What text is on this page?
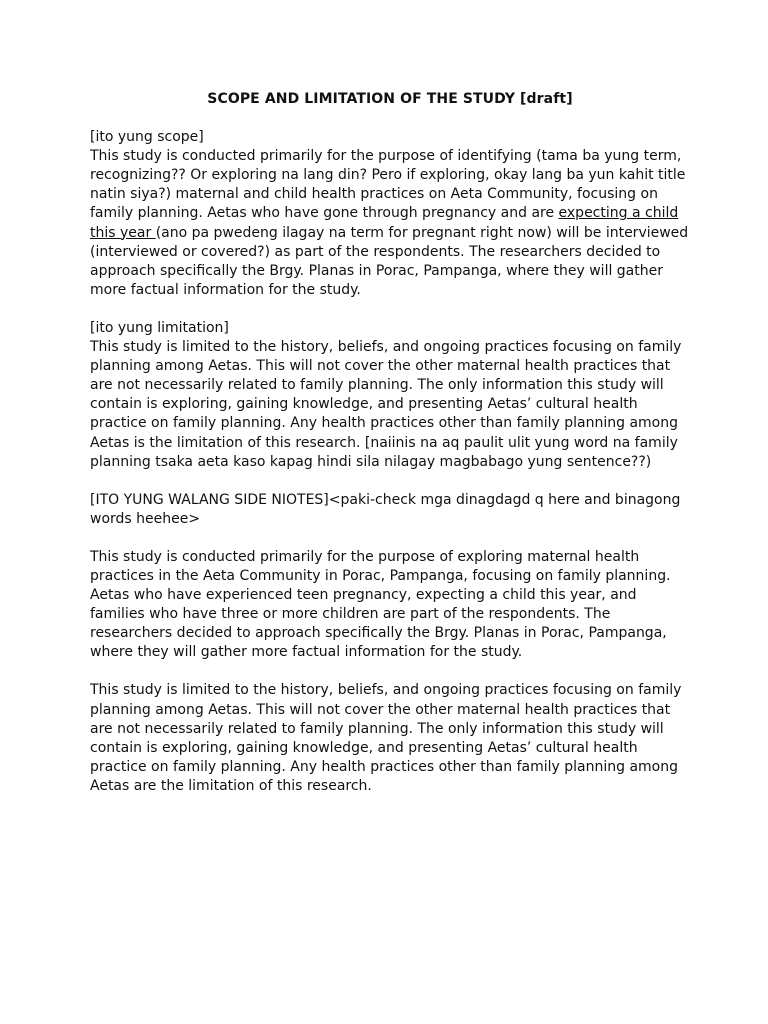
SCOPE AND LIMITATION OF THE STUDY [draft]
[ito yung scope]
This study is conducted primarily for the purpose of identifying (tama ba yung term, recognizing?? Or exploring na lang din? Pero if exploring, okay lang ba yun kahit title natin siya?) maternal and child health practices on Aeta Community, focusing on family planning. Aetas who have gone through pregnancy and are expecting a child this year (ano pa pwedeng ilagay na term for pregnant right now) will be interviewed (interviewed or covered?) as part of the respondents. The researchers decided to approach specifically the Brgy. Planas in Porac, Pampanga, where they will gather more factual information for the study.
[ito yung limitation]
This study is limited to the history, beliefs, and ongoing practices focusing on family planning among Aetas. This will not cover the other maternal health practices that are not necessarily related to family planning. The only information this study will contain is exploring, gaining knowledge, and presenting Aetas’ cultural health practice on family planning. Any health practices other than family planning among Aetas is the limitation of this research. [naiinis na aq paulit ulit yung word na family planning tsaka aeta kaso kapag hindi sila nilagay magbabago yung sentence??)
[ITO YUNG WALANG SIDE NIOTES]<paki-check mga dinagdagd q here and binagong words heehee>
This study is conducted primarily for the purpose of exploring maternal health practices in the Aeta Community in Porac, Pampanga, focusing on family planning. Aetas who have experienced teen pregnancy, expecting a child this year, and families who have three or more children are part of the respondents. The researchers decided to approach specifically the Brgy. Planas in Porac, Pampanga, where they will gather more factual information for the study.
This study is limited to the history, beliefs, and ongoing practices focusing on family planning among Aetas. This will not cover the other maternal health practices that are not necessarily related to family planning. The only information this study will contain is exploring, gaining knowledge, and presenting Aetas’ cultural health practice on family planning. Any health practices other than family planning among Aetas are the limitation of this research.
